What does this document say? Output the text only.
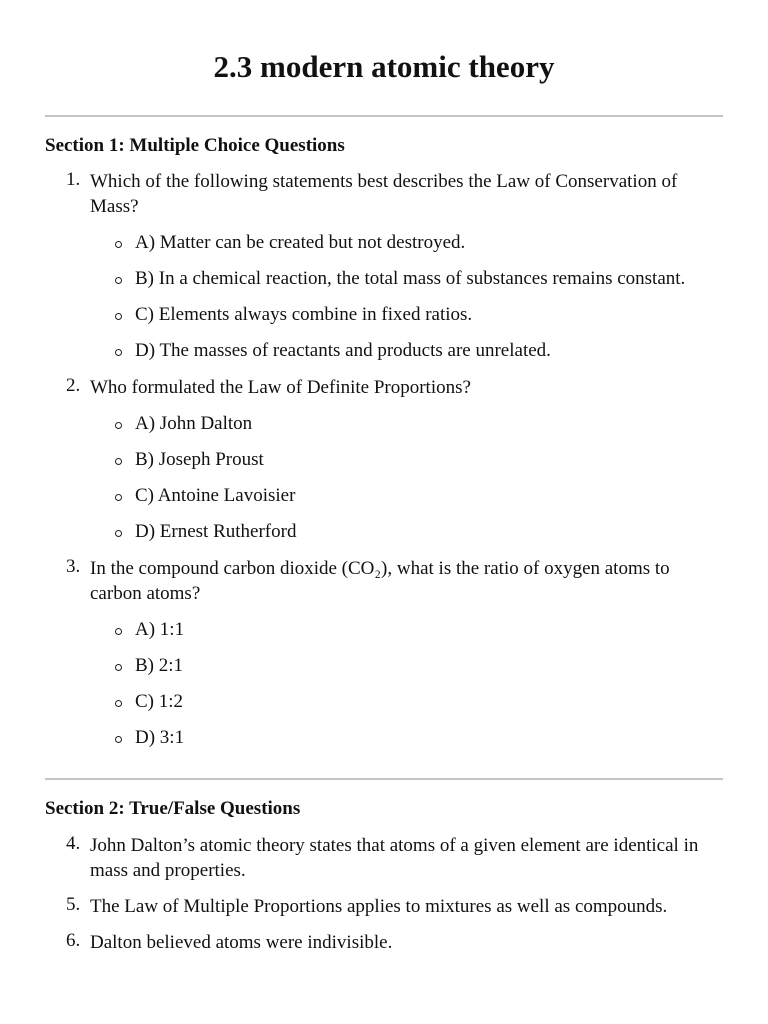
2.3 modern atomic theory
Section 1: Multiple Choice Questions
1. Which of the following statements best describes the Law of Conservation of Mass?
A) Matter can be created but not destroyed.
B) In a chemical reaction, the total mass of substances remains constant.
C) Elements always combine in fixed ratios.
D) The masses of reactants and products are unrelated.
2. Who formulated the Law of Definite Proportions?
A) John Dalton
B) Joseph Proust
C) Antoine Lavoisier
D) Ernest Rutherford
3. In the compound carbon dioxide (CO₂), what is the ratio of oxygen atoms to carbon atoms?
A) 1:1
B) 2:1
C) 1:2
D) 3:1
Section 2: True/False Questions
4. John Dalton’s atomic theory states that atoms of a given element are identical in mass and properties.
5. The Law of Multiple Proportions applies to mixtures as well as compounds.
6. Dalton believed atoms were indivisible.
